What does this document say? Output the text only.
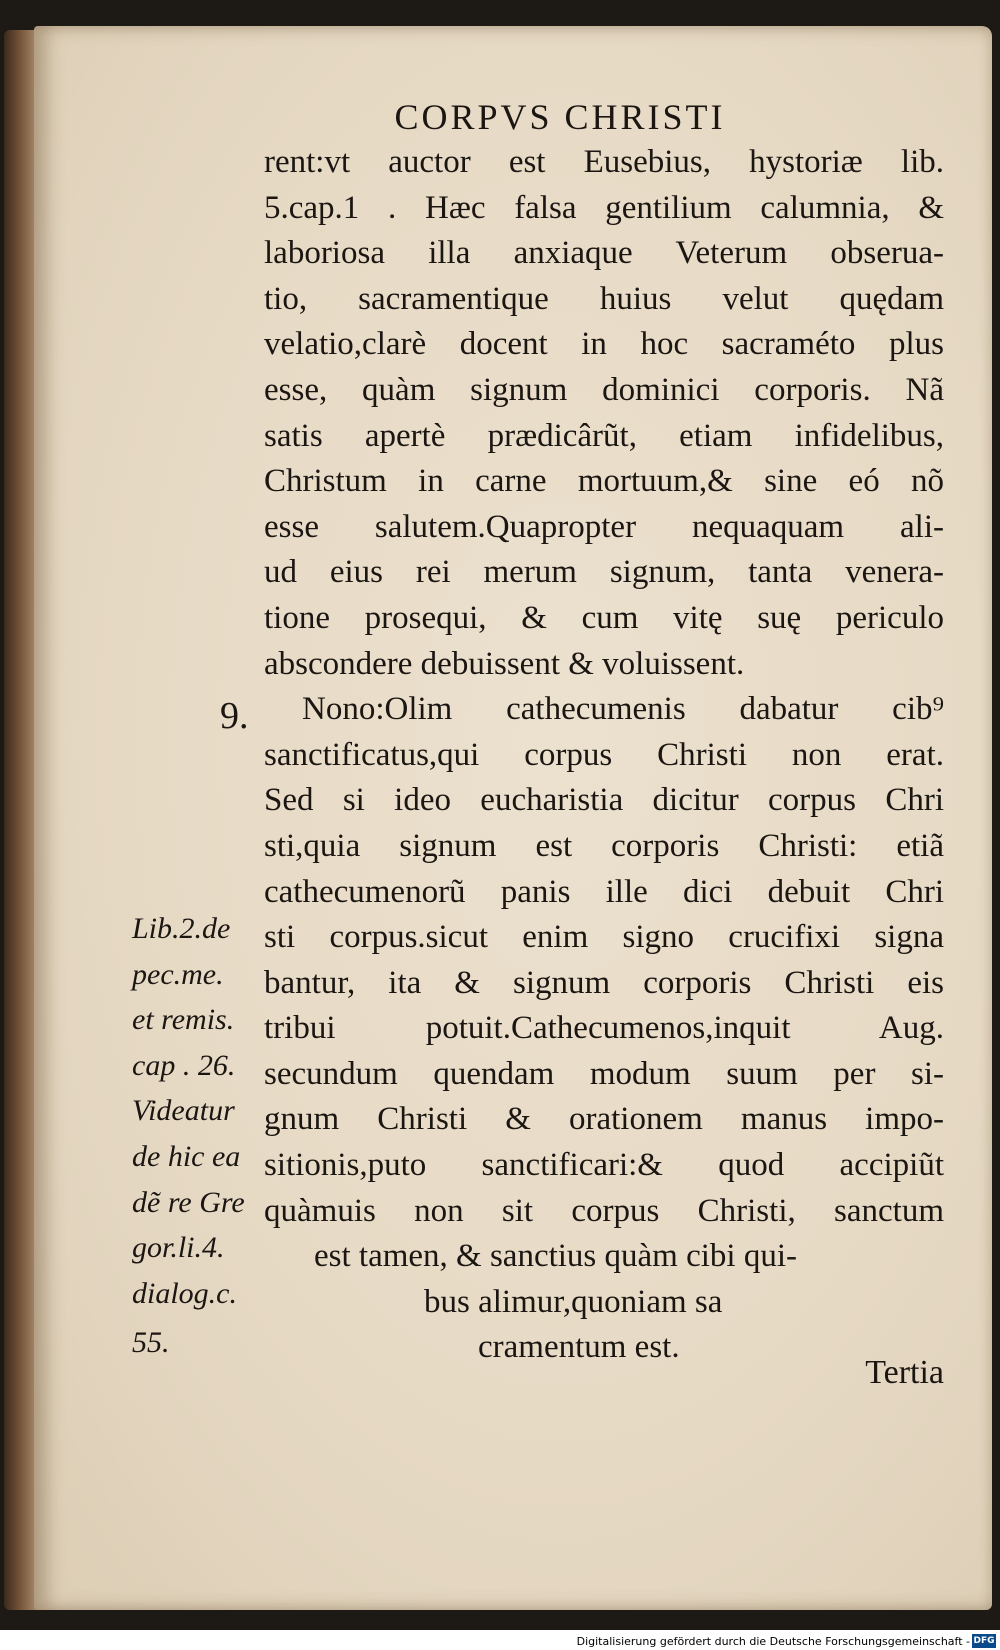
CORPVS CHRISTI
rent:vt auctor est Eusebius, hystoriæ lib.
5.cap.1 . Hæc falsa gentilium calumnia, &
laboriosa illa anxiaque Veterum obserua-
tio, sacramentique huius velut quędam
velatio,clarè docent in hoc sacraméto plus
esse, quàm signum dominici corporis. Nã
satis apertè prædicârũt, etiam infidelibus,
Christum in carne mortuum,& sine eó nõ
esse salutem.Quapropter nequaquam ali-
ud eius rei merum signum, tanta venera-
tione prosequi, & cum vitę suę periculo
abscondere debuissent & voluissent.
Nono:Olim cathecumenis dabatur cib⁹
sanctificatus,qui corpus Christi non erat.
Sed si ideo eucharistia dicitur corpus Chri
sti,quia signum est corporis Christi: etiã
cathecumenorũ panis ille dici debuit Chri
sti corpus.sicut enim signo crucifixi signa
bantur, ita & signum corporis Christi eis
tribui potuit.Cathecumenos,inquit Aug.
secundum quendam modum suum per si-
gnum Christi & orationem manus impo-
sitionis,puto sanctificari:& quod accipiũt
quàmuis non sit corpus Christi, sanctum
est tamen, & sanctius quàm cibi qui-
bus alimur,quoniam sa
cramentum est.
9.
Lib.2.de
pec.me.
et remis.
cap . 26.
Videatur
de hic ea
dẽ re Gre
gor.li.4.
dialog.c.
55.
Tertia
Digitalisierung gefördert durch die Deutsche Forschungsgemeinschaft - DFG
